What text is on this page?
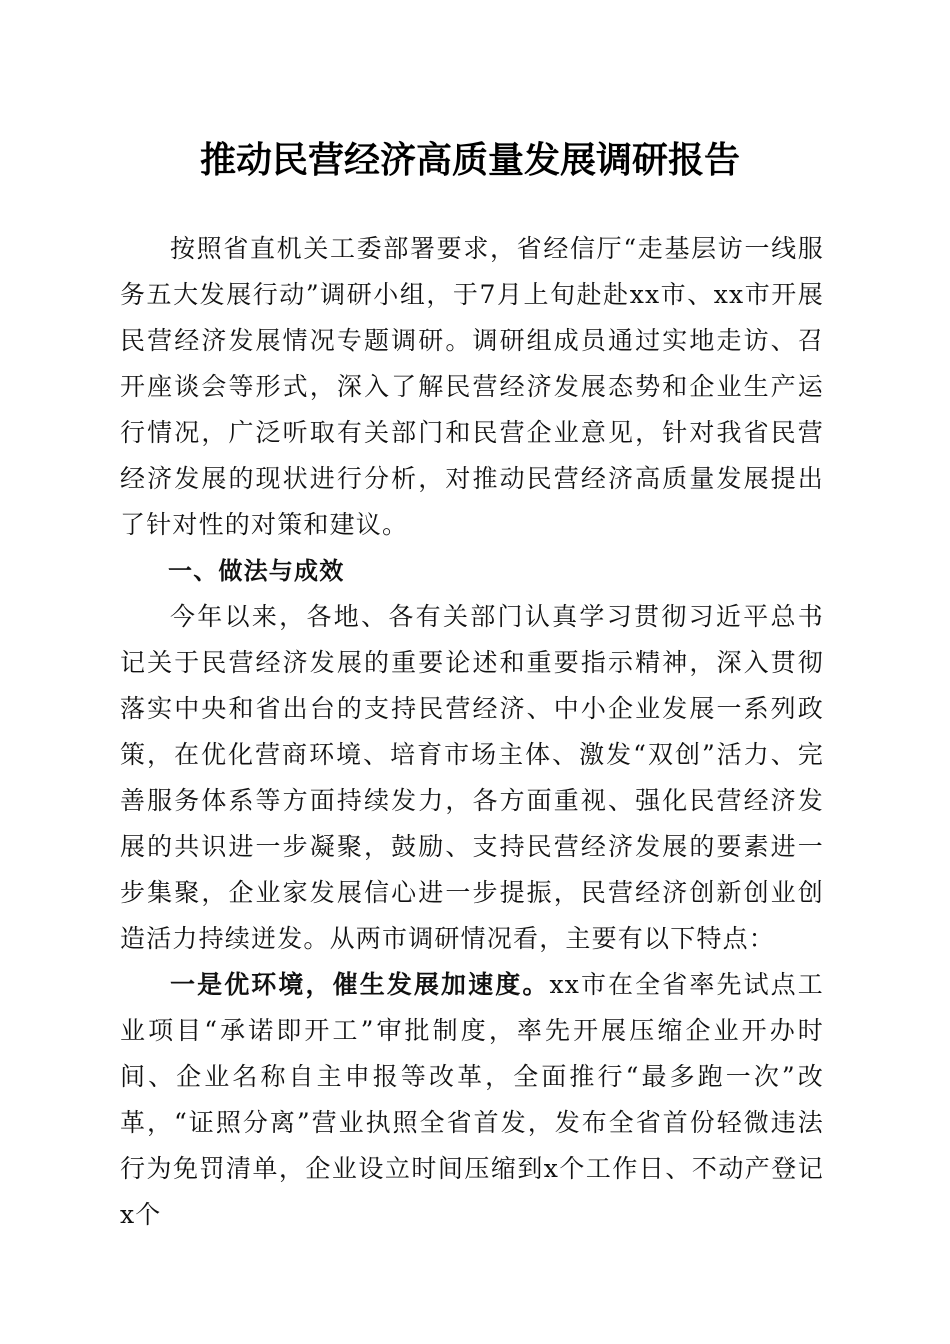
推动民营经济高质量发展调研报告

按照省直机关工委部署要求，省经信厅“走基层访一线服务五大发展行动”调研小组，于7月上旬赴赴xx市、xx市开展民营经济发展情况专题调研。调研组成员通过实地走访、召开座谈会等形式，深入了解民营经济发展态势和企业生产运行情况，广泛听取有关部门和民营企业意见，针对我省民营经济发展的现状进行分析，对推动民营经济高质量发展提出了针对性的对策和建议。

一、做法与成效

今年以来，各地、各有关部门认真学习贯彻习近平总书记关于民营经济发展的重要论述和重要指示精神，深入贯彻落实中央和省出台的支持民营经济、中小企业发展一系列政策，在优化营商环境、培育市场主体、激发“双创”活力、完善服务体系等方面持续发力，各方面重视、强化民营经济发展的共识进一步凝聚，鼓励、支持民营经济发展的要素进一步集聚，企业家发展信心进一步提振，民营经济创新创业创造活力持续迸发。从两市调研情况看，主要有以下特点：

一是优环境，催生发展加速度。xx市在全省率先试点工业项目“承诺即开工”审批制度，率先开展压缩企业开办时间、企业名称自主申报等改革，全面推行“最多跑一次”改革，“证照分离”营业执照全省首发，发布全省首份轻微违法行为免罚清单，企业设立时间压缩到x个工作日、不动产登记x个
